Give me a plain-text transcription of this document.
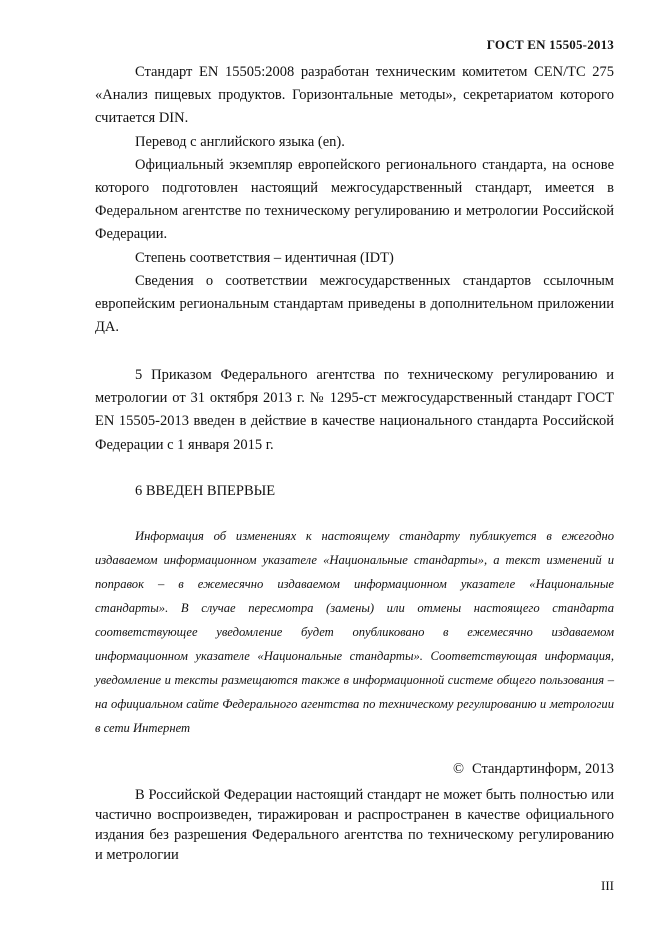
ГОСТ EN 15505-2013

Стандарт EN 15505:2008 разработан техническим комитетом CEN/TC 275 «Анализ пищевых продуктов. Горизонтальные методы», секретариатом которого считается DIN.

Перевод с английского языка (en).

Официальный экземпляр европейского регионального стандарта, на основе которого подготовлен настоящий межгосударственный стандарт, имеется в Федеральном агентстве по техническому регулированию и метрологии Российской Федерации.

Степень соответствия – идентичная (IDT)

Сведения о соответствии межгосударственных стандартов ссылочным европейским региональным стандартам приведены в дополнительном приложении ДА.

5 Приказом Федерального агентства по техническому регулированию и метрологии от 31 октября 2013 г. № 1295-ст межгосударственный стандарт ГОСТ EN 15505-2013 введен в действие в качестве национального стандарта Российской Федерации с 1 января 2015 г.

6 ВВЕДЕН ВПЕРВЫЕ

Информация об изменениях к настоящему стандарту публикуется в ежегодно издаваемом информационном указателе «Национальные стандарты», а текст изменений и поправок – в ежемесячно издаваемом информационном указателе «Национальные стандарты». В случае пересмотра (замены) или отмены настоящего стандарта соответствующее уведомление будет опубликовано в ежемесячно издаваемом информационном указателе «Национальные стандарты». Соответствующая информация, уведомление и тексты размещаются также в информационной системе общего пользования – на официальном сайте Федерального агентства по техническому регулированию и метрологии в сети Интернет

© Стандартинформ, 2013

В Российской Федерации настоящий стандарт не может быть полностью или частично воспроизведен, тиражирован и распространен в качестве официального издания без разрешения Федерального агентства по техническому регулированию и метрологии

III
